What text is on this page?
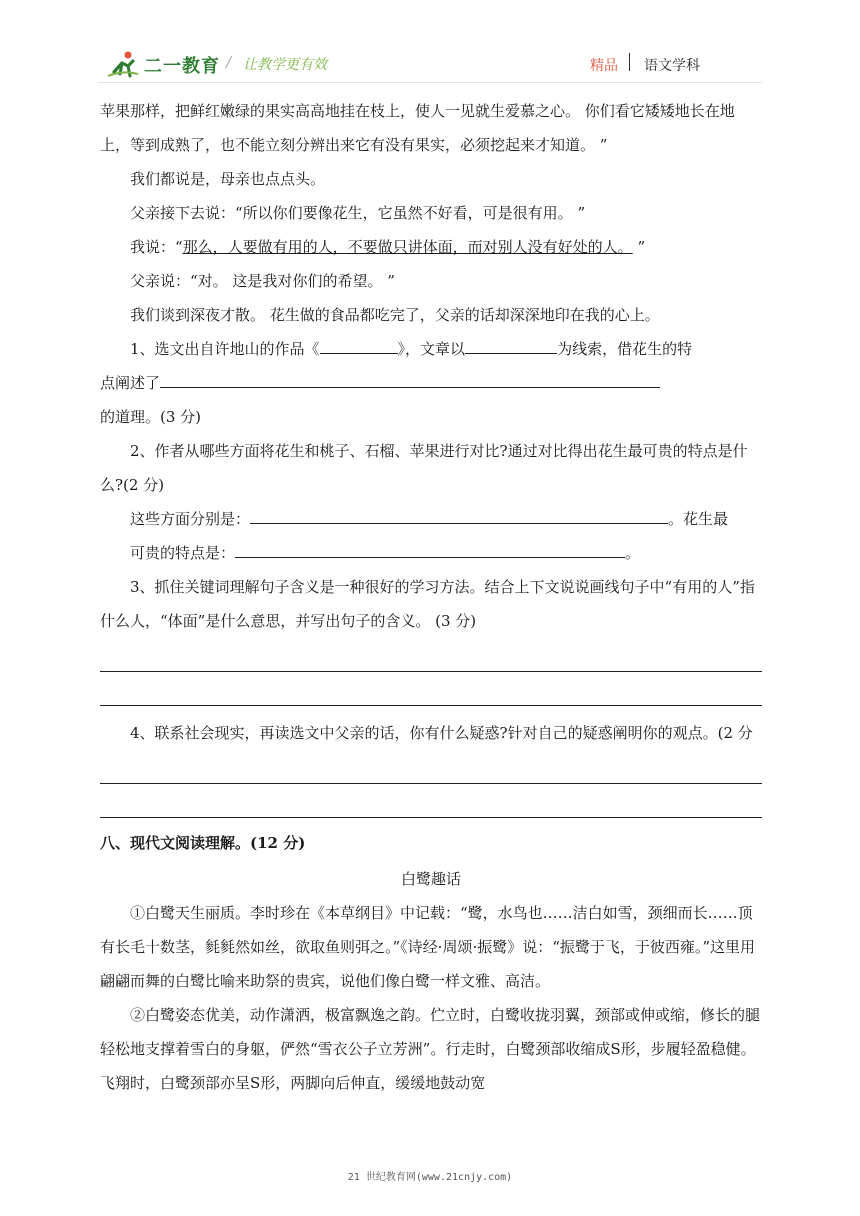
二一教育 / 让教学更有效	精品 语文学科

苹果那样，把鲜红嫩绿的果实高高地挂在枝上，使人一见就生爱慕之心。 你们看它矮矮地长在地上，等到成熟了，也不能立刻分辨出来它有没有果实，必须挖起来才知道。 ”

我们都说是，母亲也点点头。

父亲接下去说：“所以你们要像花生，它虽然不好看，可是很有用。 ”

我说：“那么，人要做有用的人，不要做只讲体面，而对别人没有好处的人。 ”

父亲说：“对。 这是我对你们的希望。 ”

我们谈到深夜才散。 花生做的食品都吃完了，父亲的话却深深地印在我的心上。

1、选文出自许地山的作品《	》，文章以	为线索，借花生的特

点阐述了

的道理。(3 分)

2、作者从哪些方面将花生和桃子、石榴、苹果进行对比?通过对比得出花生最可贵的特点是什么?(2 分)

这些方面分别是：	。花生最

可贵的特点是：	。

3、抓住关键词理解句子含义是一种很好的学习方法。结合上下文说说画线句子中“有用的人”指什么人，“体面”是什么意思，并写出句子的含义。 (3 分)

4、联系社会现实，再读选文中父亲的话，你有什么疑惑?针对自己的疑惑阐明你的观点。(2 分

八、现代文阅读理解。(12 分)

白鹭趣话

①白鹭天生丽质。李时珍在《本草纲目》中记载：“鹭，水鸟也……洁白如雪，颈细而长……顶有长毛十数茎，毵毵然如丝，欲取鱼则弭之。”《诗经·周颂·振鹭》说：“振鹭于飞，于彼西雍。”这里用翩翩而舞的白鹭比喻来助祭的贵宾，说他们像白鹭一样文雅、高洁。

②白鹭姿态优美，动作潇洒，极富飘逸之韵。伫立时，白鹭收拢羽翼，颈部或伸或缩，修长的腿轻松地支撑着雪白的身躯，俨然“雪衣公子立芳洲”。行走时，白鹭颈部收缩成S形，步履轻盈稳健。飞翔时，白鹭颈部亦呈S形，两脚向后伸直，缓缓地鼓动宽

21 世纪教育网(www.21cnjy.com)
